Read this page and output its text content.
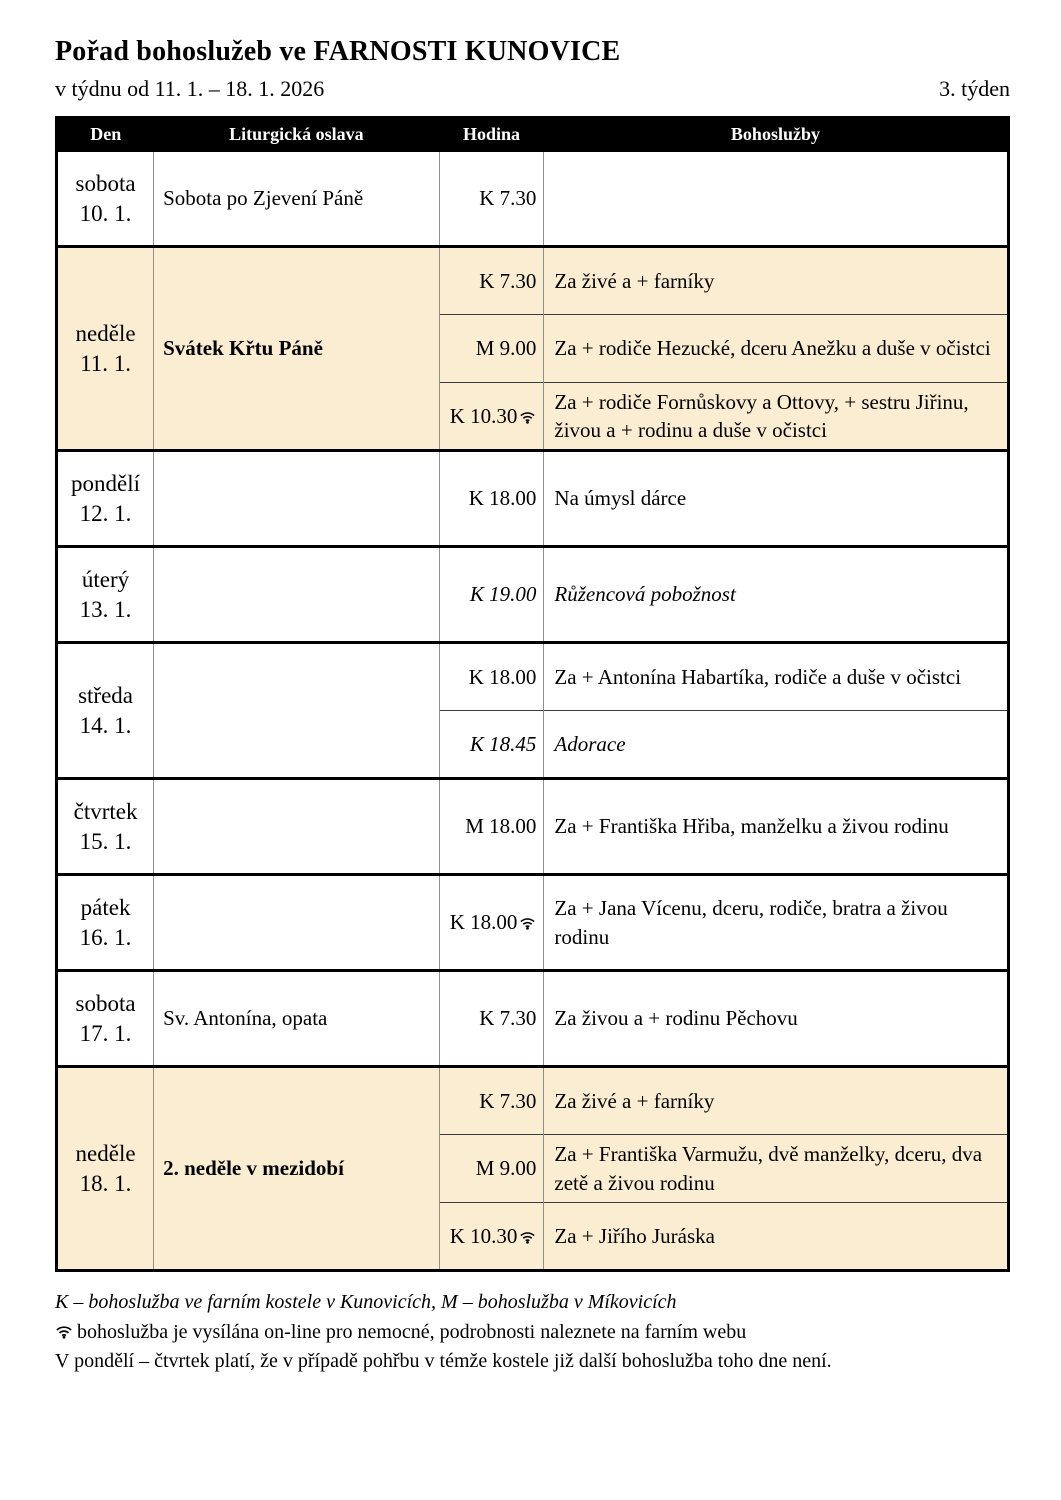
Pořad bohoslužeb ve FARNOSTI KUNOVICE
v týdnu od 11. 1. – 18. 1. 2026	3. týden
Den	Liturgická oslava	Hodina	Bohoslužby

sobota
10. 1.	Sobota po Zjevení Páně	K 7.30	

neděle
11. 1.	Svátek Křtu Páně	K 7.30	Za živé a + farníky
		M 9.00	Za + rodiče Hezucké, dceru Anežku a duše v očistci
		K 10.30	Za + rodiče Fornůskovy a Ottovy, + sestru Jiřinu, živou a + rodinu a duše v očistci

pondělí
12. 1.		K 18.00	Na úmysl dárce

úterý
13. 1.		K 19.00	Růžencová pobožnost

středa
14. 1.		K 18.00	Za + Antonína Habartíka, rodiče a duše v očistci
		K 18.45	Adorace

čtvrtek
15. 1.		M 18.00	Za + Františka Hřiba, manželku a živou rodinu

pátek
16. 1.		K 18.00	Za + Jana Vícenu, dceru, rodiče, bratra a živou rodinu

sobota
17. 1.	Sv. Antonína, opata	K 7.30	Za živou a + rodinu Pěchovu

neděle
18. 1.	2. neděle v mezidobí	K 7.30	Za živé a + farníky
		M 9.00	Za + Františka Varmužu, dvě manželky, dceru, dva zetě a živou rodinu
		K 10.30	Za + Jiřího Juráska

K – bohoslužba ve farním kostele v Kunovicích, M – bohoslužba v Míkovicích

bohoslužba je vysílána on-line pro nemocné, podrobnosti naleznete na farním webu

V pondělí – čtvrtek platí, že v případě pohřbu v témže kostele již další bohoslužba toho dne není.
